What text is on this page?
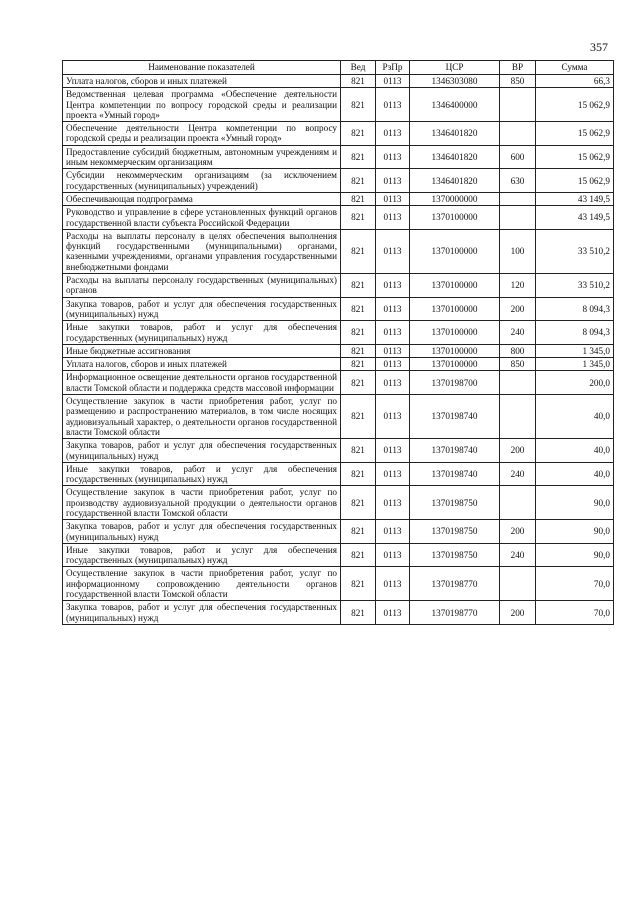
357
Наименование показателей	Вед	РзПр	ЦСР	ВР	Сумма
Уплата налогов, сборов и иных платежей	821	0113	1346303080	850	66,3
Ведомственная целевая программа «Обеспечение деятельности Центра компетенции по вопросу городской среды и реализации проекта «Умный город»	821	0113	1346400000		15 062,9
Обеспечение деятельности Центра компетенции по вопросу городской среды и реализации проекта «Умный город»	821	0113	1346401820		15 062,9
Предоставление субсидий бюджетным, автономным учреждениям и иным некоммерческим организациям	821	0113	1346401820	600	15 062,9
Субсидии некоммерческим организациям (за исключением государственных (муниципальных) учреждений)	821	0113	1346401820	630	15 062,9
Обеспечивающая подпрограмма	821	0113	1370000000		43 149,5
Руководство и управление в сфере установленных функций органов государственной власти субъекта Российской Федерации	821	0113	1370100000		43 149,5
Расходы на выплаты персоналу в целях обеспечения выполнения функций государственными (муниципальными) органами, казенными учреждениями, органами управления государственными внебюджетными фондами	821	0113	1370100000	100	33 510,2
Расходы на выплаты персоналу государственных (муниципальных) органов	821	0113	1370100000	120	33 510,2
Закупка товаров, работ и услуг для обеспечения государственных (муниципальных) нужд	821	0113	1370100000	200	8 094,3
Иные закупки товаров, работ и услуг для обеспечения государственных (муниципальных) нужд	821	0113	1370100000	240	8 094,3
Иные бюджетные ассигнования	821	0113	1370100000	800	1 345,0
Уплата налогов, сборов и иных платежей	821	0113	1370100000	850	1 345,0
Информационное освещение деятельности органов государственной власти Томской области и поддержка средств массовой информации	821	0113	1370198700		200,0
Осуществление закупок в части приобретения работ, услуг по размещению и распространению материалов, в том числе носящих аудиовизуальный характер, о деятельности органов государственной власти Томской области	821	0113	1370198740		40,0
Закупка товаров, работ и услуг для обеспечения государственных (муниципальных) нужд	821	0113	1370198740	200	40,0
Иные закупки товаров, работ и услуг для обеспечения государственных (муниципальных) нужд	821	0113	1370198740	240	40,0
Осуществление закупок в части приобретения работ, услуг по производству аудиовизуальной продукции о деятельности органов государственной власти Томской области	821	0113	1370198750		90,0
Закупка товаров, работ и услуг для обеспечения государственных (муниципальных) нужд	821	0113	1370198750	200	90,0
Иные закупки товаров, работ и услуг для обеспечения государственных (муниципальных) нужд	821	0113	1370198750	240	90,0
Осуществление закупок в части приобретения работ, услуг по информационному сопровождению деятельности органов государственной власти Томской области	821	0113	1370198770		70,0
Закупка товаров, работ и услуг для обеспечения государственных (муниципальных) нужд	821	0113	1370198770	200	70,0
